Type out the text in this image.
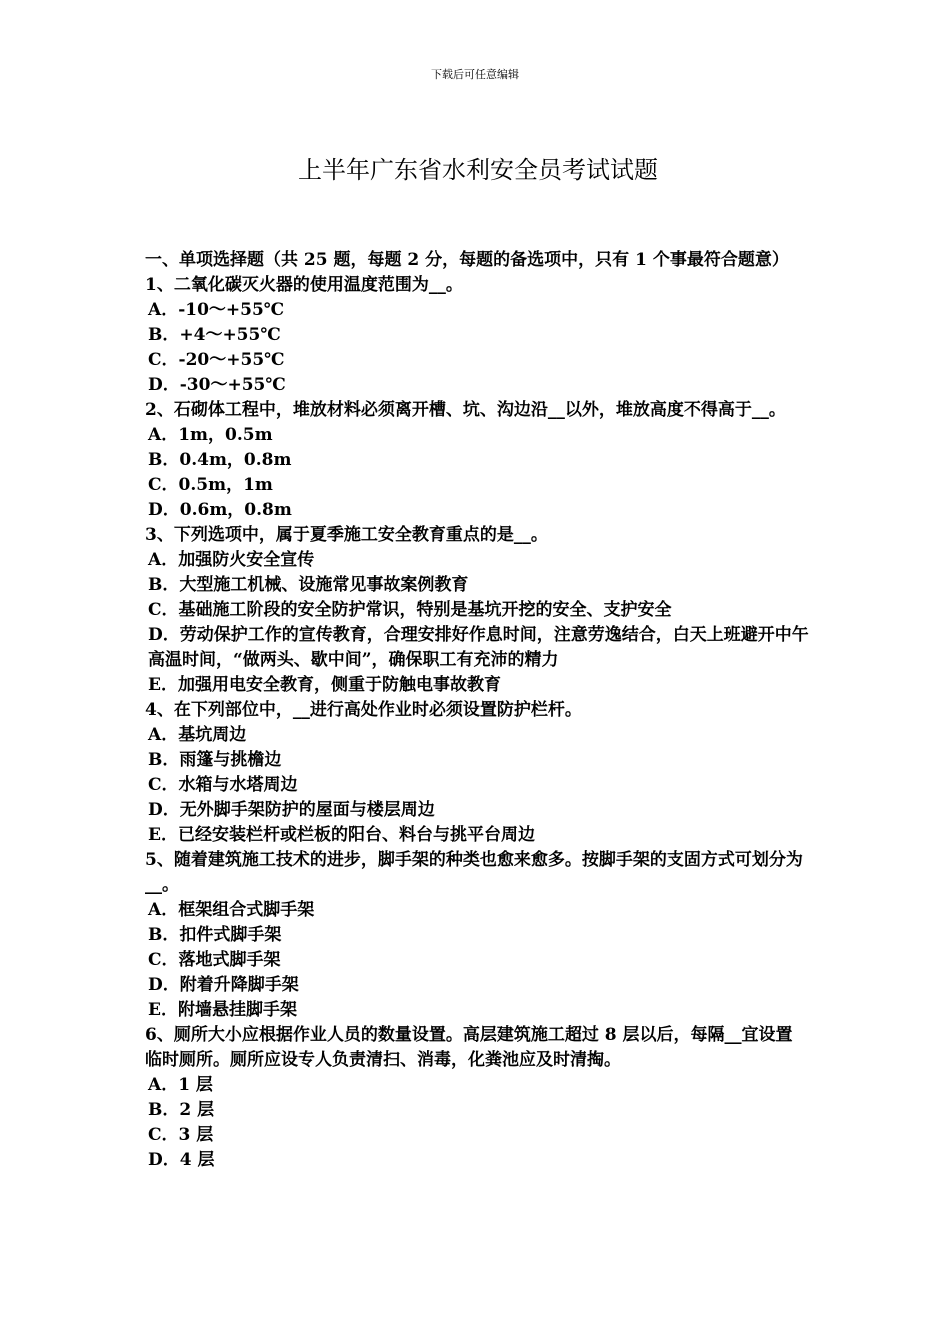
下载后可任意编辑
上半年广东省水利安全员考试试题

一、单项选择题（共 25 题，每题 2 分，每题的备选项中，只有 1 个事最符合题意）

1、二氧化碳灭火器的使用温度范围为__。

A．-10～+55℃

B．+4～+55℃

C．-20～+55℃

D．-30～+55℃

2、石砌体工程中，堆放材料必须离开槽、坑、沟边沿__以外，堆放高度不得高于__。

A．1m，0.5m

B．0.4m，0.8m

C．0.5m，1m

D．0.6m，0.8m

3、下列选项中，属于夏季施工安全教育重点的是__。

A．加强防火安全宣传

B．大型施工机械、设施常见事故案例教育

C．基础施工阶段的安全防护常识，特别是基坑开挖的安全、支护安全

D．劳动保护工作的宣传教育，合理安排好作息时间，注意劳逸结合，白天上班避开中午高温时间，“做两头、歇中间”，确保职工有充沛的精力

E．加强用电安全教育，侧重于防触电事故教育

4、在下列部位中，__进行高处作业时必须设置防护栏杆。

A．基坑周边

B．雨篷与挑檐边

C．水箱与水塔周边

D．无外脚手架防护的屋面与楼层周边

E．已经安装栏杆或栏板的阳台、料台与挑平台周边

5、随着建筑施工技术的进步，脚手架的种类也愈来愈多。按脚手架的支固方式可划分为__。

A．框架组合式脚手架

B．扣件式脚手架

C．落地式脚手架

D．附着升降脚手架

E．附墙悬挂脚手架

6、厕所大小应根据作业人员的数量设置。高层建筑施工超过 8 层以后，每隔__宜设置临时厕所。厕所应设专人负责清扫、消毒，化粪池应及时清掏。

A．1 层

B．2 层

C．3 层

D．4 层
